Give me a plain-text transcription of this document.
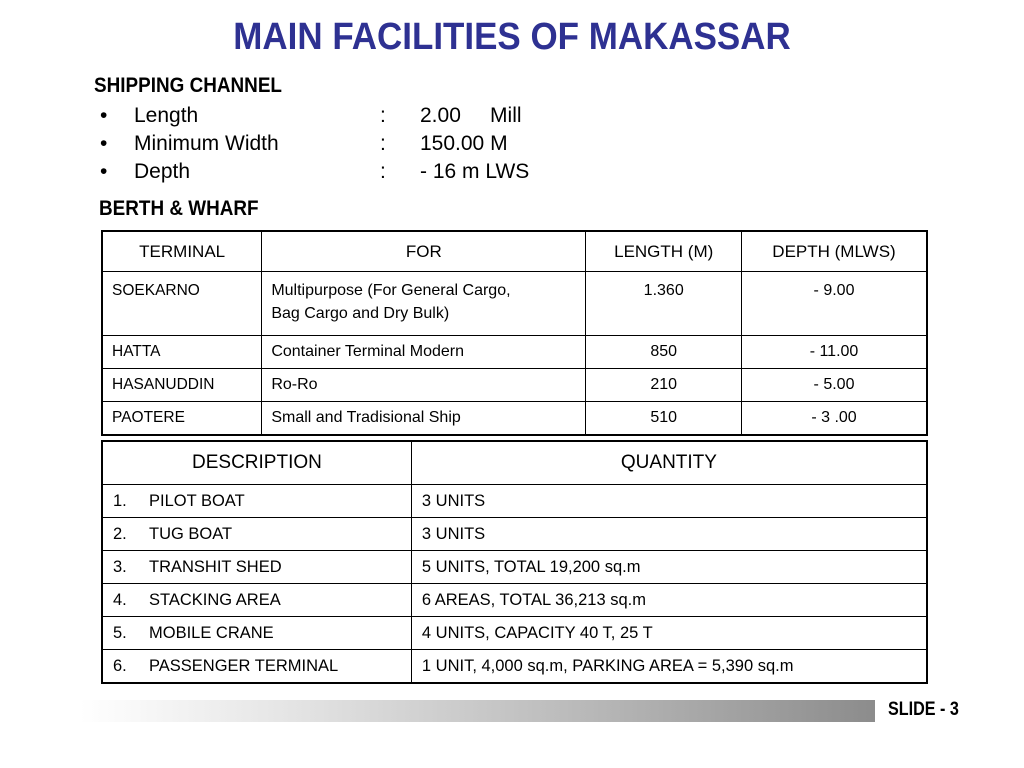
MAIN FACILITIES OF MAKASSAR
SHIPPING CHANNEL
•	Length	:	2.00     Mill
•	Minimum Width	:	150.00 M
•	Depth	:	- 16 m LWS
BERTH & WHARF
TERMINAL	FOR	LENGTH (M)	DEPTH (MLWS)
SOEKARNO	Multipurpose (For General Cargo,
Bag Cargo and Dry Bulk)	1.360	- 9.00
HATTA	Container Terminal Modern	850	- 11.00
HASANUDDIN	Ro-Ro	210	- 5.00
PAOTERE	Small and Tradisional Ship	510	- 3 .00
DESCRIPTION	QUANTITY
1. PILOT BOAT	3 UNITS
2. TUG BOAT	3 UNITS
3. TRANSHIT SHED	5 UNITS, TOTAL 19,200 sq.m
4. STACKING AREA	6 AREAS, TOTAL 36,213 sq.m
5. MOBILE CRANE	4 UNITS, CAPACITY 40 T, 25 T
6. PASSENGER TERMINAL	1 UNIT, 4,000 sq.m, PARKING AREA = 5,390 sq.m
SLIDE - 3
